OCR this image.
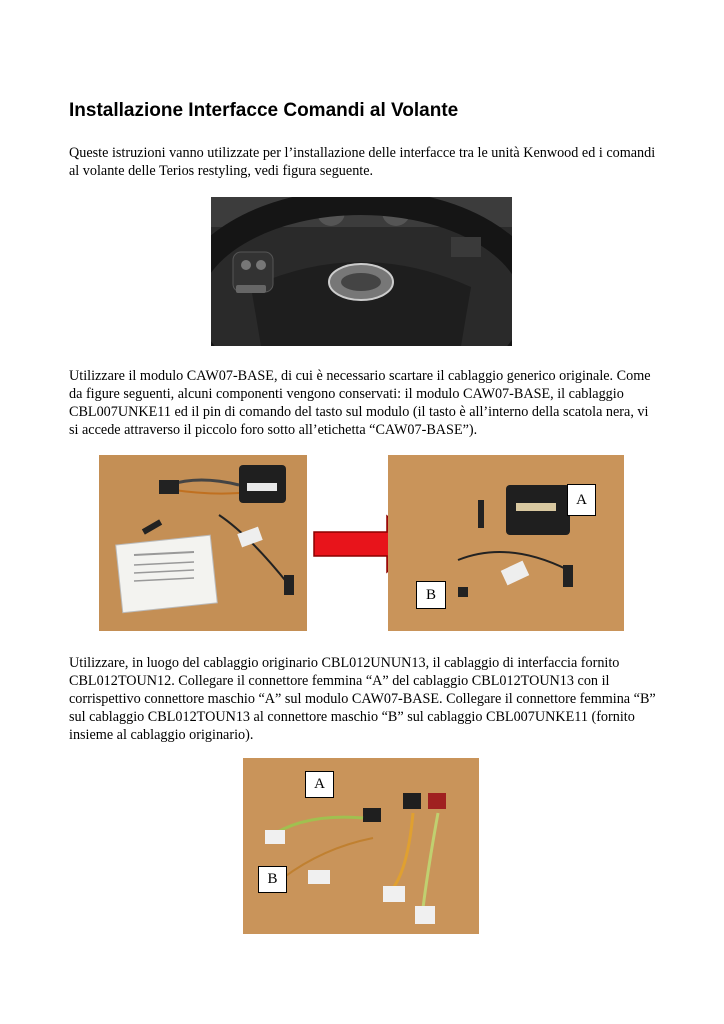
Installazione Interfacce Comandi al Volante

Queste istruzioni vanno utilizzate per l’installazione delle interfacce tra le unità Kenwood ed i comandi al volante delle Terios restyling, vedi figura seguente.

Utilizzare il modulo CAW07-BASE, di cui è necessario scartare il cablaggio generico originale. Come da figure seguenti, alcuni componenti vengono conservati: il modulo CAW07-BASE, il cablaggio CBL007UNKE11 ed il pin di comando del tasto sul modulo (il tasto è all’interno della scatola nera, vi si accede attraverso il piccolo foro sotto all’etichetta “CAW07-BASE”).

A
B

Utilizzare, in luogo del cablaggio originario CBL012UNUN13, il cablaggio di interfaccia fornito CBL012TOUN12. Collegare il connettore femmina “A” del cablaggio CBL012TOUN13 con il corrispettivo connettore maschio “A” sul modulo CAW07-BASE. Collegare il connettore femmina “B” sul cablaggio CBL012TOUN13 al connettore maschio “B” sul cablaggio CBL007UNKE11 (fornito insieme al cablaggio originario).

A
B
